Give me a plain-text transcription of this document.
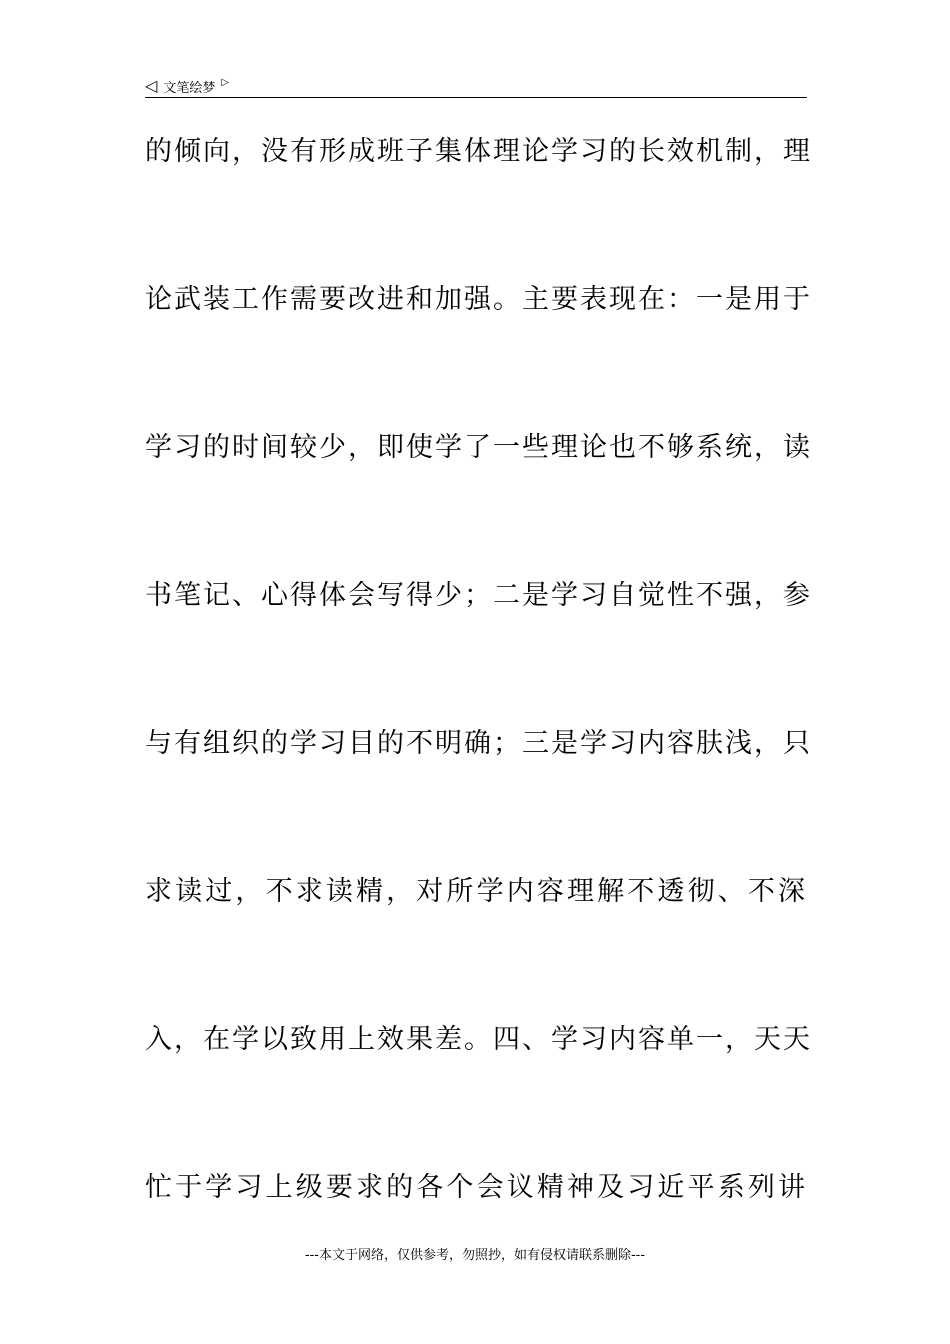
◁ 文笔绘梦 ▷
的倾向，没有形成班子集体理论学习的长效机制，理
论武装工作需要改进和加强。主要表现在：一是用于
学习的时间较少，即使学了一些理论也不够系统，读
书笔记、心得体会写得少；二是学习自觉性不强，参
与有组织的学习目的不明确；三是学习内容肤浅，只
求读过，不求读精，对所学内容理解不透彻、不深
入，在学以致用上效果差。四、学习内容单一，天天
忙于学习上级要求的各个会议精神及习近平系列讲
---本文于网络，仅供参考，勿照抄，如有侵权请联系删除---
